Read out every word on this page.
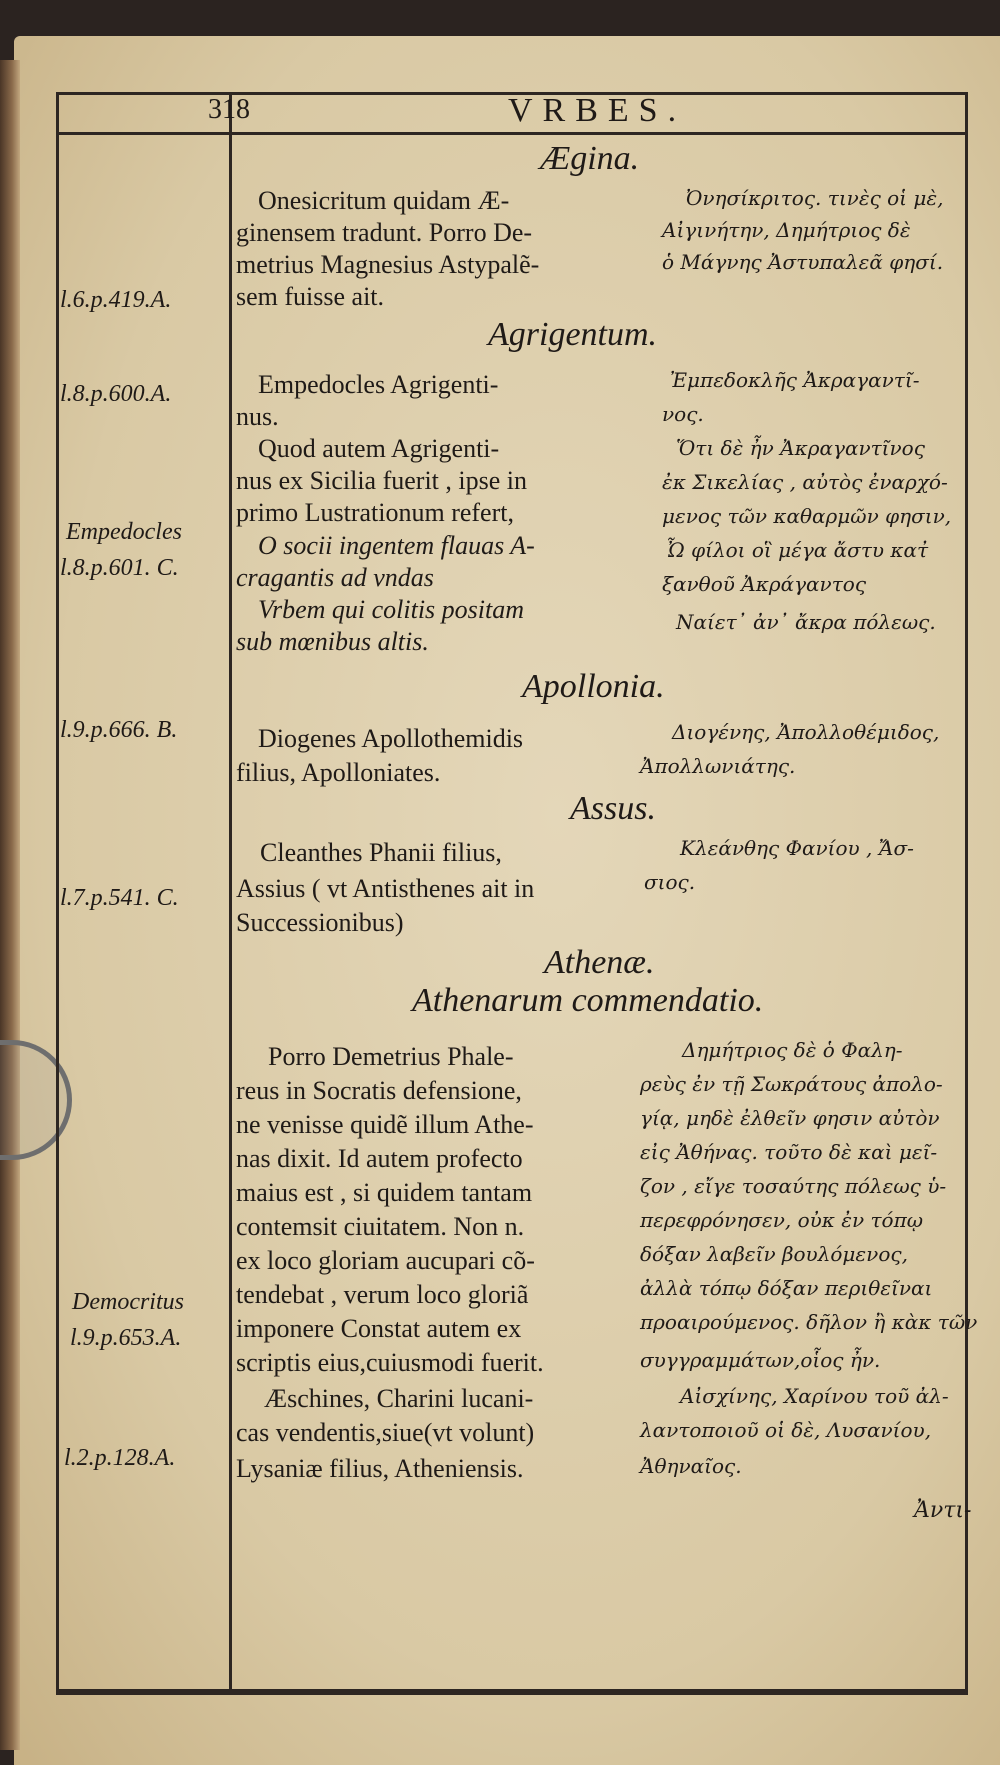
318	VRBES.
Ægina.
Onesicritum quidam Æ-
ginensem tradunt. Porro De-
metrius Magnesius Astypalẽ-
sem fuisse ait.
Ὀνησίκριτος. τινὲς οἱ μὲ,
Αἰγινήτην, Δημήτριος δὲ
ὁ Μάγνης Ἀστυπαλεᾶ φησί.
l.6.p.419.A.
Agrigentum.
Empedocles Agrigenti-
nus.
Quod autem Agrigenti-
nus ex Sicilia fuerit , ipse in
primo Lustrationum refert,
O socii ingentem flauas A-
cragantis ad vndas
Vrbem qui colitis positam
sub mœnibus altis.
Ἐμπεδοκλῆς Ἀκραγαντῖ-
νος.
Ὅτι δὲ ἦν Ἀκραγαντῖνος
ἐκ Σικελίας , αὐτὸς ἐναρχό-
μενος τῶν καθαρμῶν φησιν,
Ὦ φίλοι οἳ μέγα ἄστυ κατ̓
ξανθοῦ Ἀκράγαντος
Ναίετ᾽ ἀν᾽ ἄκρα πόλεως.
l.8.p.600.A.
Empedocles
l.8.p.601. C.
Apollonia.
Diogenes Apollothemidis
filius, Apolloniates.
Διογένης, Ἀπολλοθέμιδος,
Ἀπολλωνιάτης.
l.9.p.666. B.
Assus.
Cleanthes Phanii filius,
Assius ( vt Antisthenes ait in
Successionibus)
Κλεάνθης Φανίου , Ἄσ-
σιος.
l.7.p.541. C.
Athenæ.
Athenarum commendatio.
Porro Demetrius Phale-
reus in Socratis defensione,
ne venisse quidẽ illum Athe-
nas dixit. Id autem profecto
maius est , si quidem tantam
contemsit ciuitatem. Non n.
ex loco gloriam aucupari cõ-
tendebat , verum loco gloriã
imponere Constat autem ex
scriptis eius,cuiusmodi fuerit.
Æschines, Charini lucani-
cas vendentis,siue(vt volunt)
Lysaniæ filius, Atheniensis.
Δημήτριος δὲ ὁ Φαλη-
ρεὺς ἐν τῇ Σωκράτους ἀπολο-
γίᾳ, μηδὲ ἐλθεῖν φησιν αὐτὸν
εἰς Ἀθήνας. τοῦτο δὲ καὶ μεῖ-
ζον , εἴγε τοσαύτης πόλεως ὑ-
περεφρόνησεν, οὐκ ἐν τόπῳ
δόξαν λαβεῖν βουλόμενος,
ἀλλὰ τόπῳ δόξαν περιθεῖναι
προαιρούμενος. δῆλον ἢ κὰκ τῶν
συγγραμμάτων,οἷος ἦν.
Αἰσχίνης, Χαρίνου τοῦ ἀλ-
λαντοποιοῦ οἱ δὲ, Λυσανίου,
Ἀθηναῖος.
Democritus
l.9.p.653.A.
l.2.p.128.A.
Ἀντι-
